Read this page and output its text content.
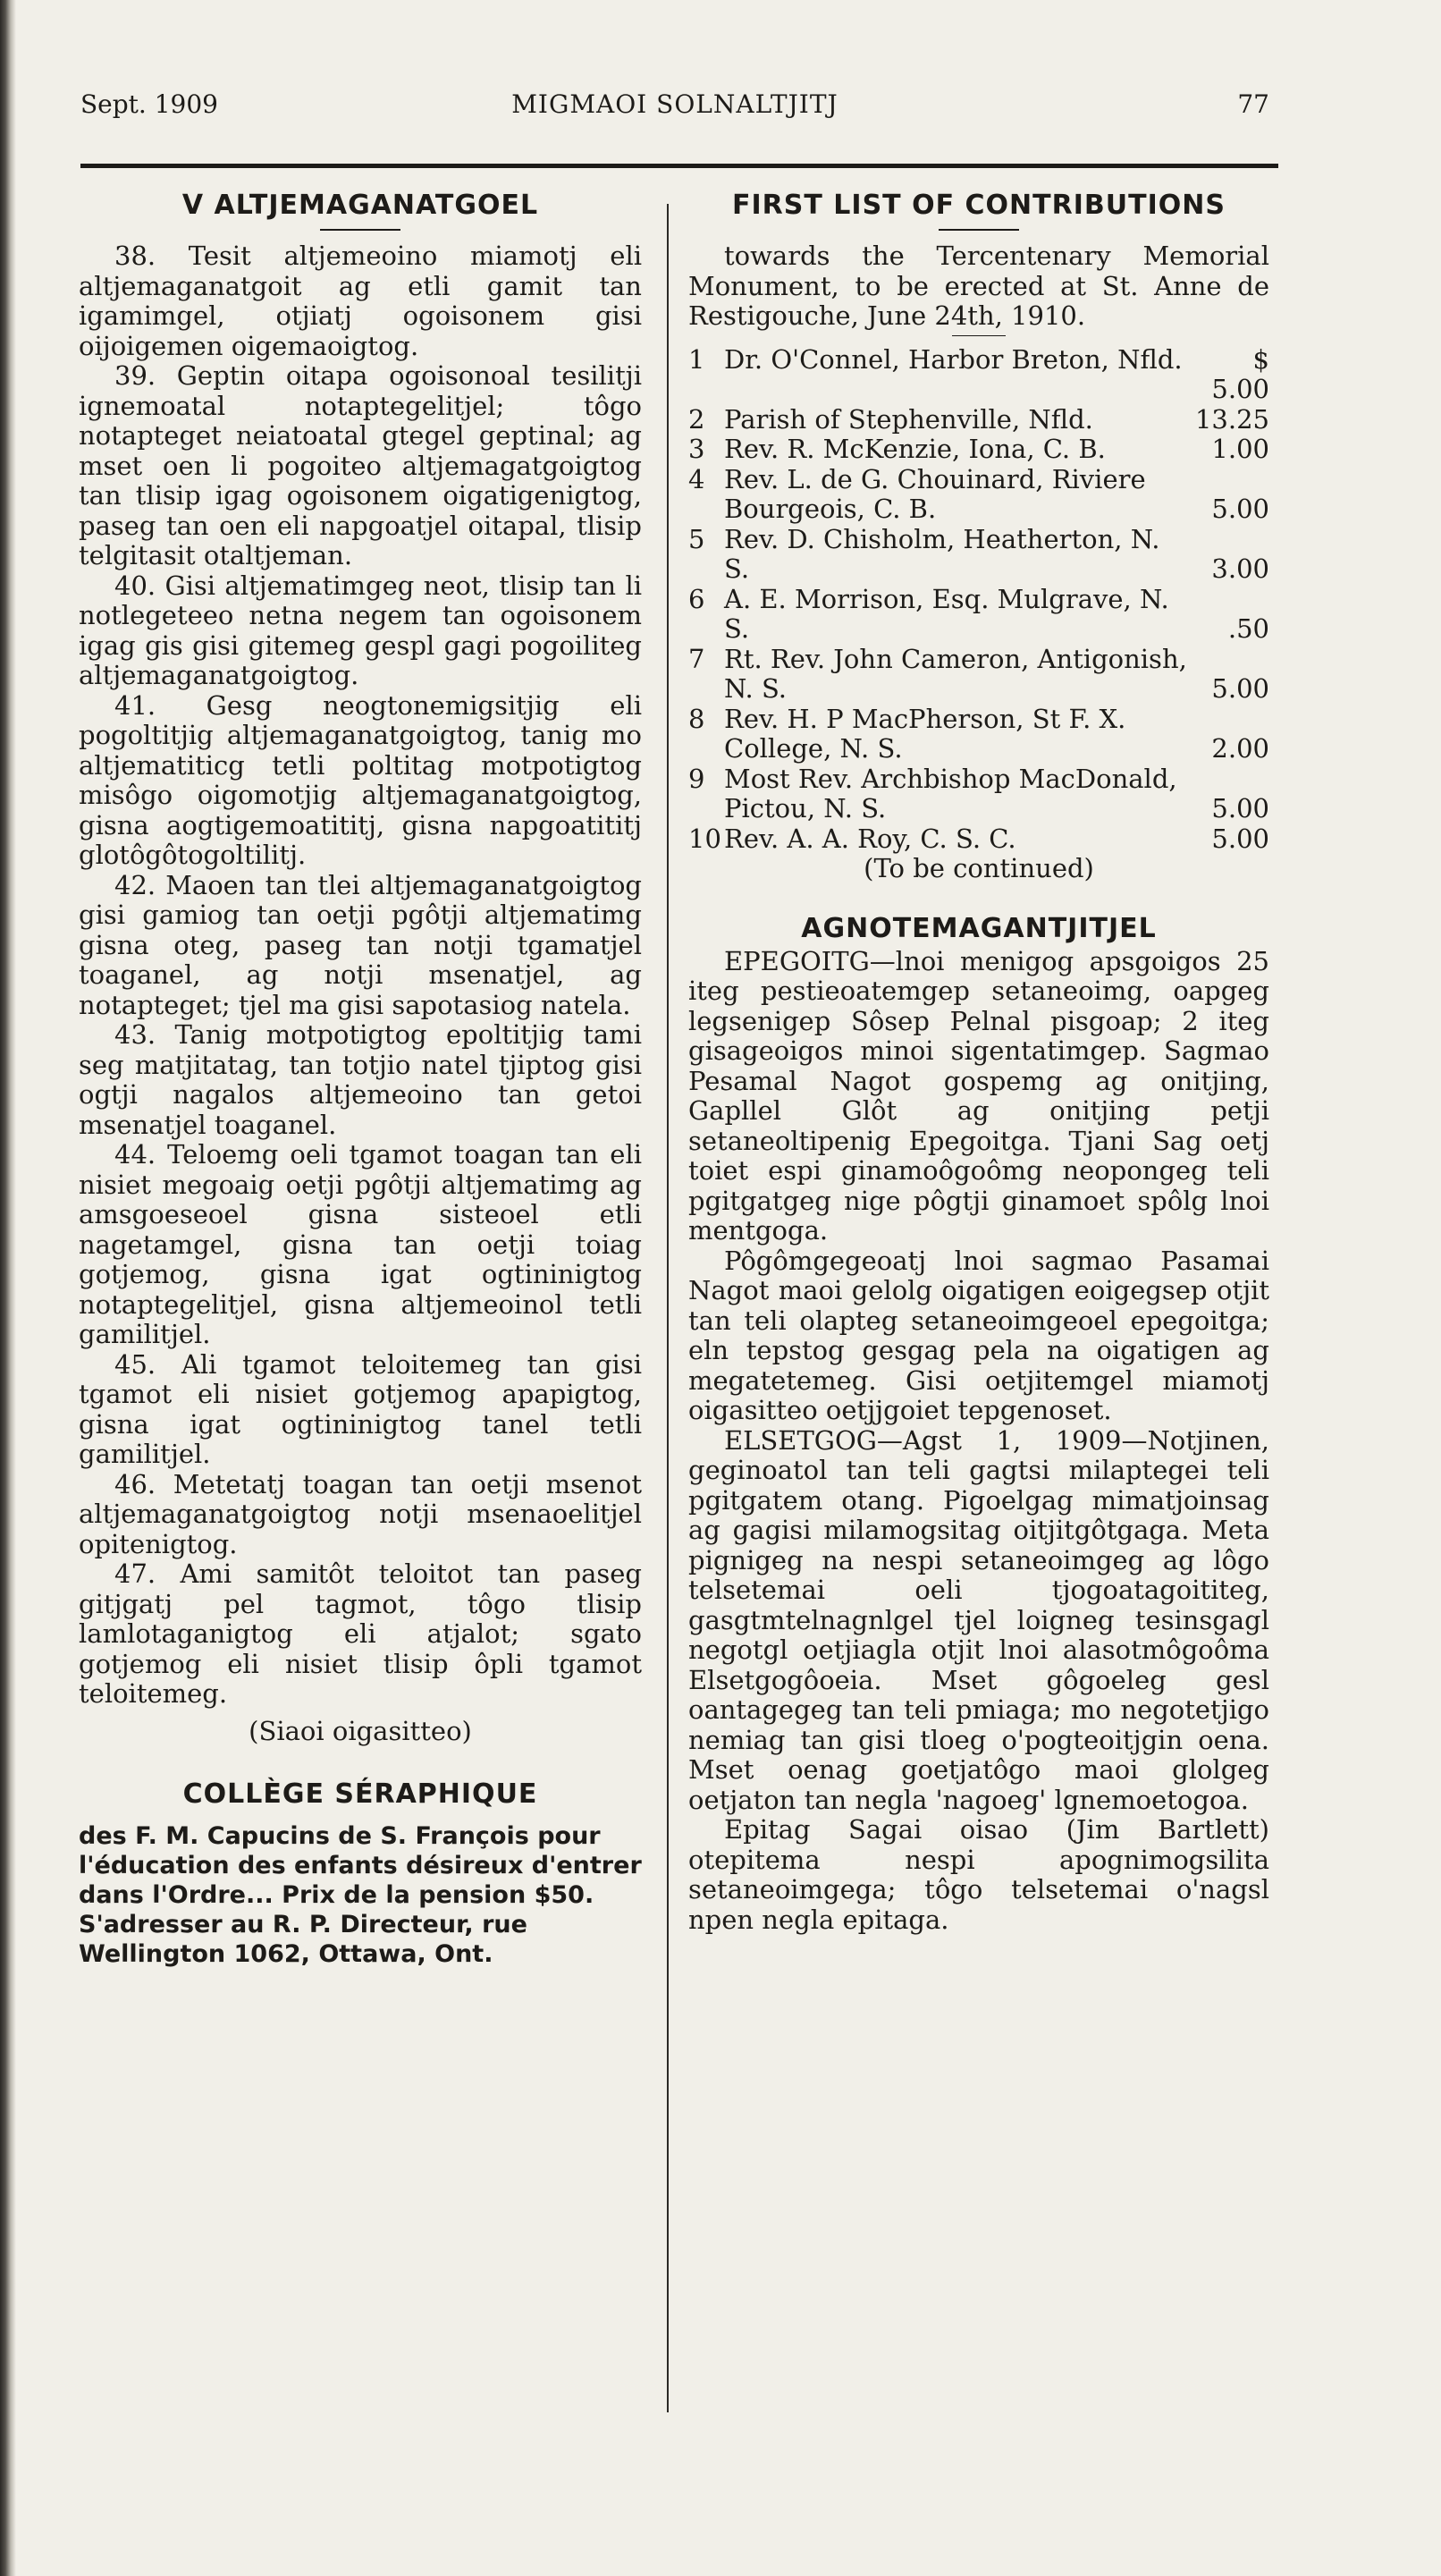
Sept. 1909	MIGMAOI SOLNALTJITJ	77
V ALTJEMAGANATGOEL

38. Tesit altjemeoino miamotj eli altjemaganatgoit ag etli gamit tan igamimgel, otjiatj ogoisonem gisi oijoigemen oigemaoigtog.

39. Geptin oitapa ogoisonoal tesilitji ignemoatal notaptegelitjel; tôgo notapteget neiatoatal gtegel geptinal; ag mset oen li pogoiteo altjemagatgoigtog tan tlisip igag ogoisonem oigatigenigtog, paseg tan oen eli napgoatjel oitapal, tlisip telgitasit otaltjeman.

40. Gisi altjematimgeg neot, tlisip tan li notlegeteeo netna negem tan ogoisonem igag gis gisi gitemeg gespl gagi pogoiliteg altjemaganatgoigtog.

41. Gesg neogtonemigsitjig eli pogoltitjig altjemaganatgoigtog, tanig mo altjematiticg tetli poltitag motpotigtog misôgo oigomotjig altjemaganatgoigtog, gisna aogtigemoatititj, gisna napgoatititj glotôgôtogoltilitj.

42. Maoen tan tlei altjemaganatgoigtog gisi gamiog tan oetji pgôtji altjematimg gisna oteg, paseg tan notji tgamatjel toaganel, ag notji msenatjel, ag notapteget; tjel ma gisi sapotasiog natela.

43. Tanig motpotigtog epoltitjig tami seg matjitatag, tan totjio natel tjiptog gisi ogtji nagalos altjemeoino tan getoi msenatjel toaganel.

44. Teloemg oeli tgamot toagan tan eli nisiet megoaig oetji pgôtji altjematimg ag amsgoeseoel gisna sisteoel etli nagetamgel, gisna tan oetji toiag gotjemog, gisna igat ogtininigtog notaptegelitjel, gisna altjemeoinol tetli gamilitjel.

45. Ali tgamot teloitemeg tan gisi tgamot eli nisiet gotjemog apapigtog, gisna igat ogtininigtog tanel tetli gamilitjel.

46. Metetatj toagan tan oetji msenot altjemaganatgoigtog notji msenaoelitjel opitenigtog.

47. Ami samitôt teloitot tan paseg gitjgatj pel tagmot, tôgo tlisip lamlotaganigtog eli atjalot; sgato gotjemog eli nisiet tlisip ôpli tgamot teloitemeg.

(Siaoi oigasitteo)

COLLÈGE SÉRAPHIQUE

des F. M. Capucins de S. François pour l'éducation des enfants désireux d'entrer dans l'Ordre... Prix de la pension $50. S'adresser au R. P. Directeur, rue Wellington 1062, Ottawa, Ont.

FIRST LIST OF CONTRIBUTIONS

towards the Tercentenary Memorial Monument, to be erected at St. Anne de Restigouche, June 24th, 1910.

1 Dr. O'Connel, Harbor Breton, Nfld.	$ 5.00
2 Parish of Stephenville, Nfld.	13.25
3 Rev. R. McKenzie, Iona, C. B.	1.00
4 Rev. L. de G. Chouinard, Riviere Bourgeois, C. B.	5.00
5 Rev. D. Chisholm, Heatherton, N. S.	3.00
6 A. E. Morrison, Esq. Mulgrave, N. S.	.50
7 Rt. Rev. John Cameron, Antigonish, N. S.	5.00
8 Rev. H. P MacPherson, St F. X. College, N. S.	2.00
9 Most Rev. Archbishop MacDonald, Pictou, N. S.	5.00
10 Rev. A. A. Roy, C. S. C.	5.00

(To be continued)

AGNOTEMAGANTJITJEL

EPEGOITG—lnoi menigog apsgoigos 25 iteg pestieoatemgep setaneoimg, oapgeg legsenigep Sôsep Pelnal pisgoap; 2 iteg gisageoigos minoi sigentatimgep. Sagmao Pesamal Nagot gospemg ag onitjing, Gapllel Glôt ag onitjing petji setaneoltipenig Epegoitga. Tjani Sag oetj toiet espi ginamoôgoômg neopongeg teli pgitgatgeg nige pôgtji ginamoet spôlg lnoi mentgoga.

Pôgômgegeoatj lnoi sagmao Pasamai Nagot maoi gelolg oigatigen eoigegsep otjit tan teli olapteg setaneoimgeoel epegoitga; eln tepstog gesgag pela na oigatigen ag megatetemeg. Gisi oetjitemgel miamotj oigasitteo oetjjgoiet tepgenoset.

ELSETGOG—Agst 1, 1909—Notjinen, geginoatol tan teli gagtsi milaptegei teli pgitgatem otang. Pigoelgag mimatjoinsag ag gagisi milamogsitag oitjitgôtgaga. Meta pignigeg na nespi setaneoimgeg ag lôgo telsetemai oeli tjogoatagoititeg, gasgtmtelnagnlgel tjel loigneg tesinsgagl negotgl oetjiagla otjit lnoi alasotmôgoôma Elsetgogôoeia. Mset gôgoeleg gesl oantagegeg tan teli pmiaga; mo negotetjigo nemiag tan gisi tloeg o'pogteoitjgin oena. Mset oenag goetjatôgo maoi glolgeg oetjaton tan negla 'nagoeg' lgnemoetogoa.

Epitag Sagai oisao (Jim Bartlett) otepitema nespi apognimogsilita setaneoimgega; tôgo telsetemai o'nagsl npen negla epitaga.
